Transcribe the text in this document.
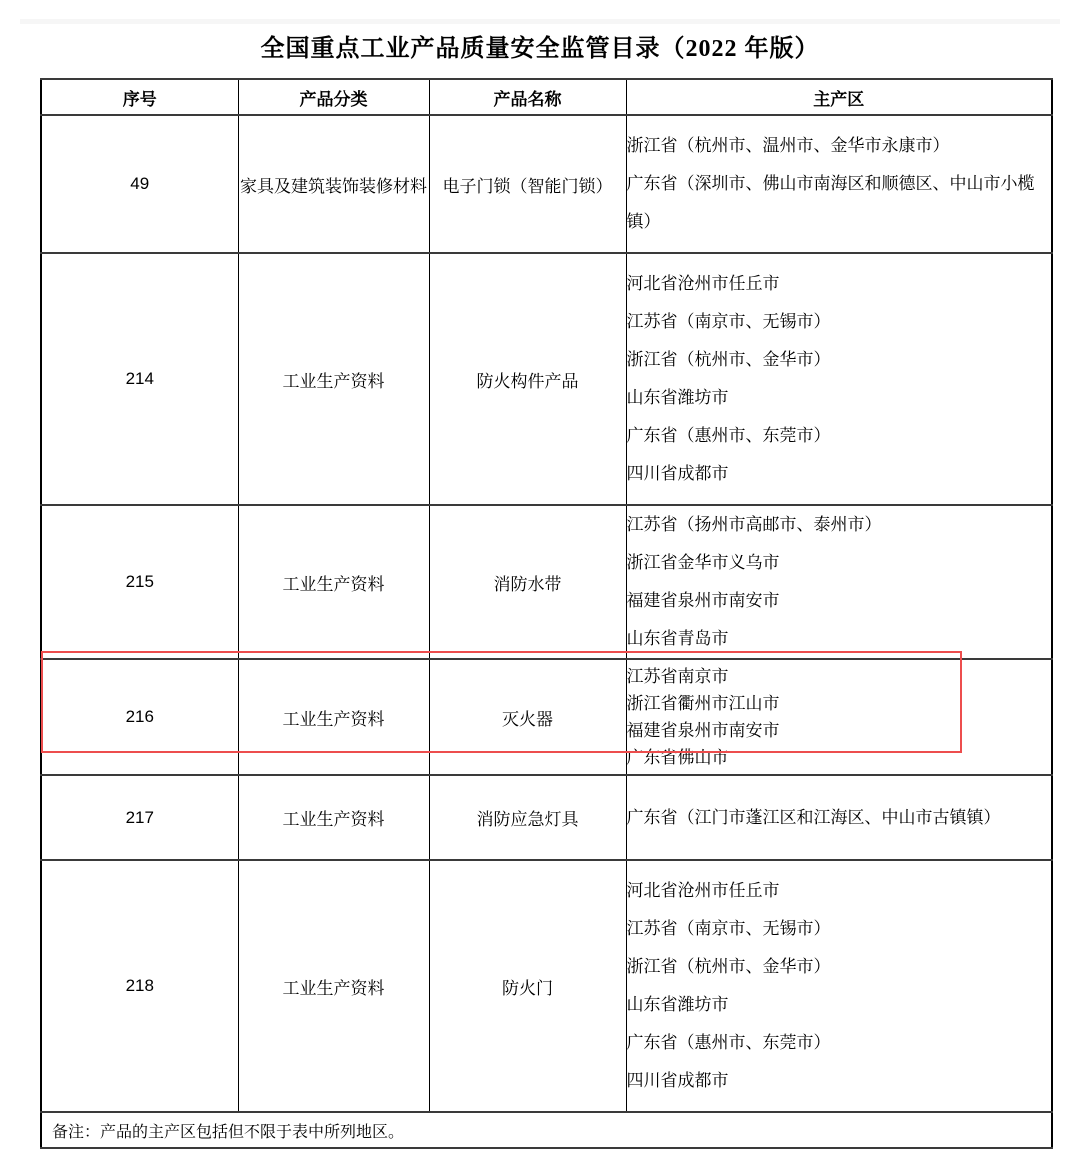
全国重点工业产品质量安全监管目录（2022 年版）
序号	产品分类	产品名称	主产区
49	家具及建筑装饰装修材料	电子门锁（智能门锁）	浙江省（杭州市、温州市、金华市永康市）
广东省（深圳市、佛山市南海区和顺德区、中山市小榄镇）

214	工业生产资料	防火构件产品	
河北省沧州市任丘市
江苏省（南京市、无锡市）
浙江省（杭州市、金华市）
山东省潍坊市
广东省（惠州市、东莞市）
四川省成都市

215	工业生产资料	消防水带	江苏省（扬州市高邮市、泰州市）
浙江省金华市义乌市
福建省泉州市南安市
山东省青岛市

216	工业生产资料	灭火器	江苏省南京市
浙江省衢州市江山市
福建省泉州市南安市
广东省佛山市

217	工业生产资料	消防应急灯具	广东省（江门市蓬江区和江海区、中山市古镇镇）

218	工业生产资料	防火门	
河北省沧州市任丘市
江苏省（南京市、无锡市）
浙江省（杭州市、金华市）
山东省潍坊市
广东省（惠州市、东莞市）
四川省成都市

备注：产品的主产区包括但不限于表中所列地区。			
